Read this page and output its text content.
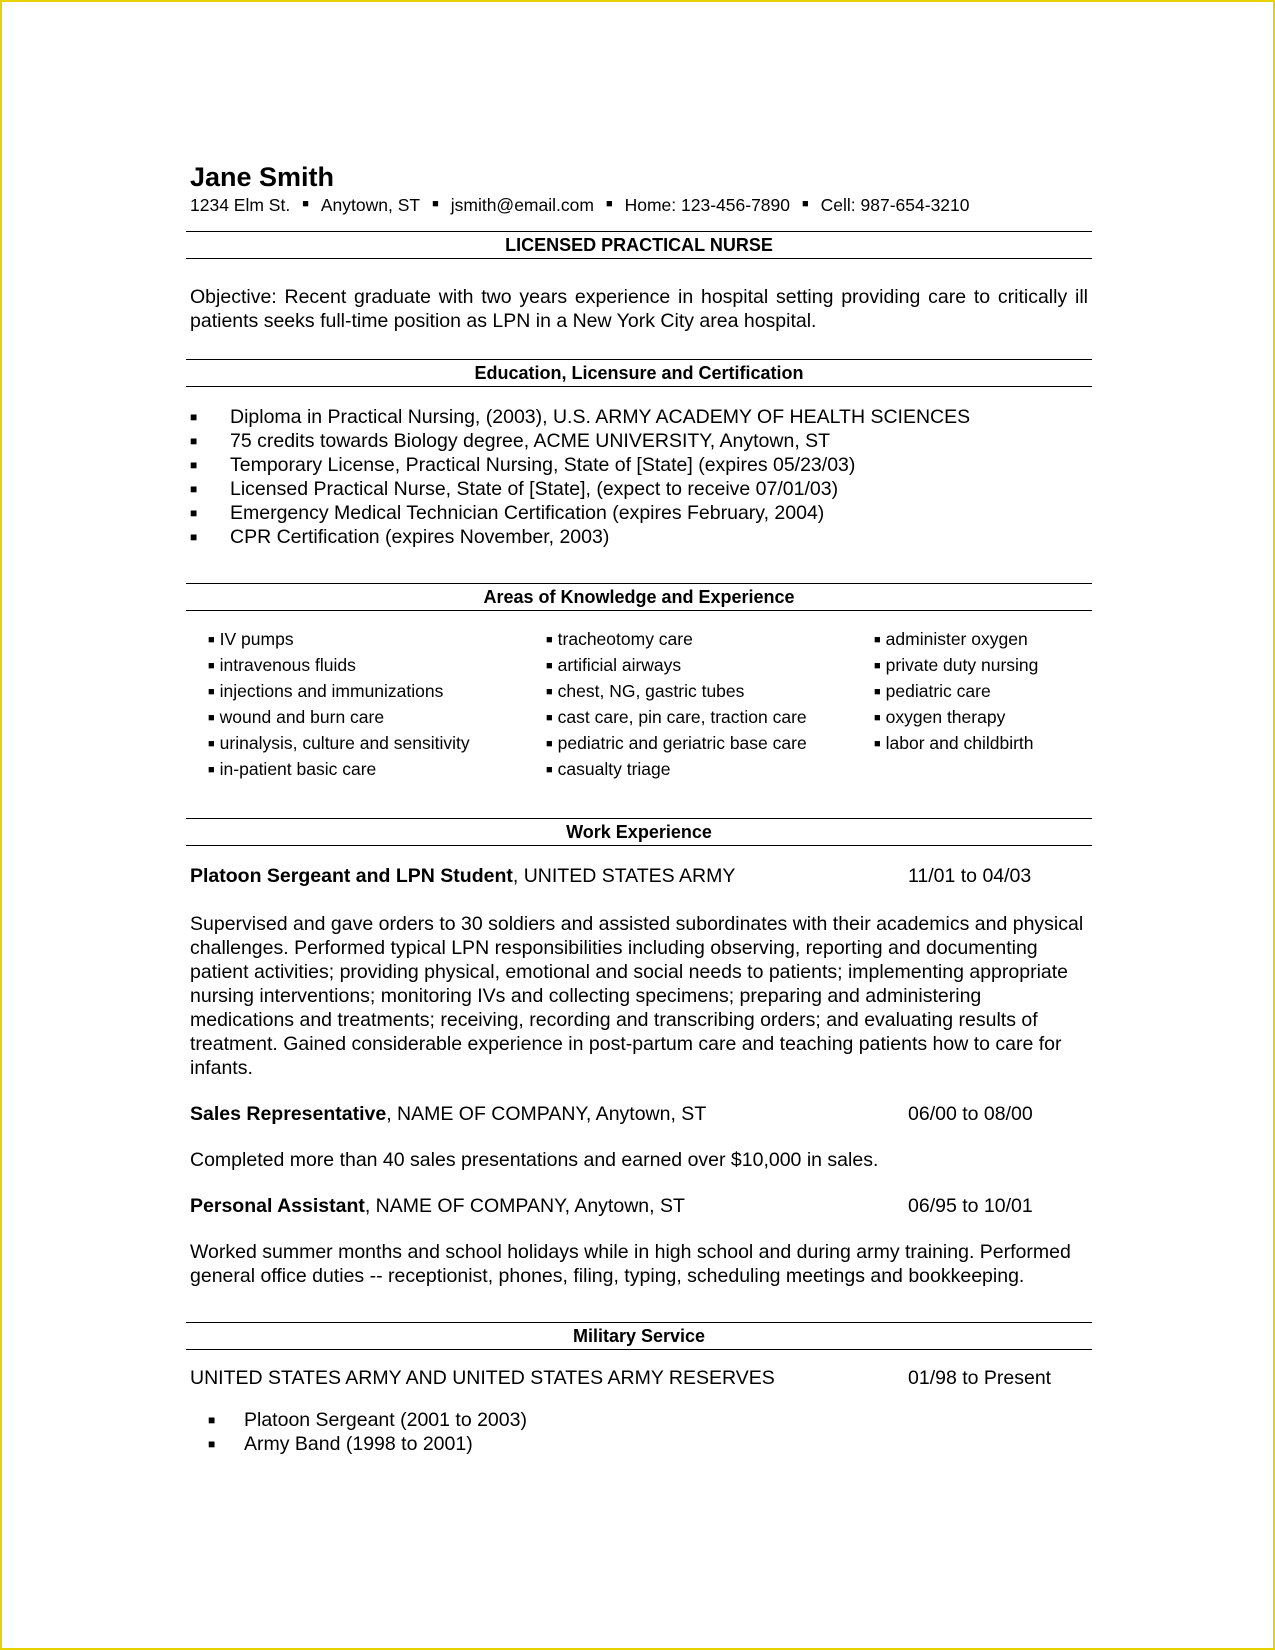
Jane Smith
1234 Elm St. ■ Anytown, ST ■ jsmith@email.com ■ Home: 123-456-7890 ■ Cell: 987-654-3210
LICENSED PRACTICAL NURSE
Objective: Recent graduate with two years experience in hospital setting providing care to critically ill patients seeks full-time position as LPN in a New York City area hospital.
Education, Licensure and Certification
■ Diploma in Practical Nursing, (2003), U.S. ARMY ACADEMY OF HEALTH SCIENCES
■ 75 credits towards Biology degree, ACME UNIVERSITY, Anytown, ST
■ Temporary License, Practical Nursing, State of [State] (expires 05/23/03)
■ Licensed Practical Nurse, State of [State], (expect to receive 07/01/03)
■ Emergency Medical Technician Certification (expires February, 2004)
■ CPR Certification (expires November, 2003)
Areas of Knowledge and Experience
■ IV pumps
■ intravenous fluids
■ injections and immunizations
■ wound and burn care
■ urinalysis, culture and sensitivity
■ in-patient basic care
■ tracheotomy care
■ artificial airways
■ chest, NG, gastric tubes
■ cast care, pin care, traction care
■ pediatric and geriatric base care
■ casualty triage
■ administer oxygen
■ private duty nursing
■ pediatric care
■ oxygen therapy
■ labor and childbirth
Work Experience
Platoon Sergeant and LPN Student, UNITED STATES ARMY	11/01 to 04/03
Supervised and gave orders to 30 soldiers and assisted subordinates with their academics and physical challenges. Performed typical LPN responsibilities including observing, reporting and documenting patient activities; providing physical, emotional and social needs to patients; implementing appropriate nursing interventions; monitoring IVs and collecting specimens; preparing and administering medications and treatments; receiving, recording and transcribing orders; and evaluating results of treatment. Gained considerable experience in post-partum care and teaching patients how to care for infants.
Sales Representative, NAME OF COMPANY, Anytown, ST	06/00 to 08/00
Completed more than 40 sales presentations and earned over $10,000 in sales.
Personal Assistant, NAME OF COMPANY, Anytown, ST	06/95 to 10/01
Worked summer months and school holidays while in high school and during army training. Performed general office duties -- receptionist, phones, filing, typing, scheduling meetings and bookkeeping.
Military Service
UNITED STATES ARMY AND UNITED STATES ARMY RESERVES	01/98 to Present
■ Platoon Sergeant (2001 to 2003)
■ Army Band (1998 to 2001)
